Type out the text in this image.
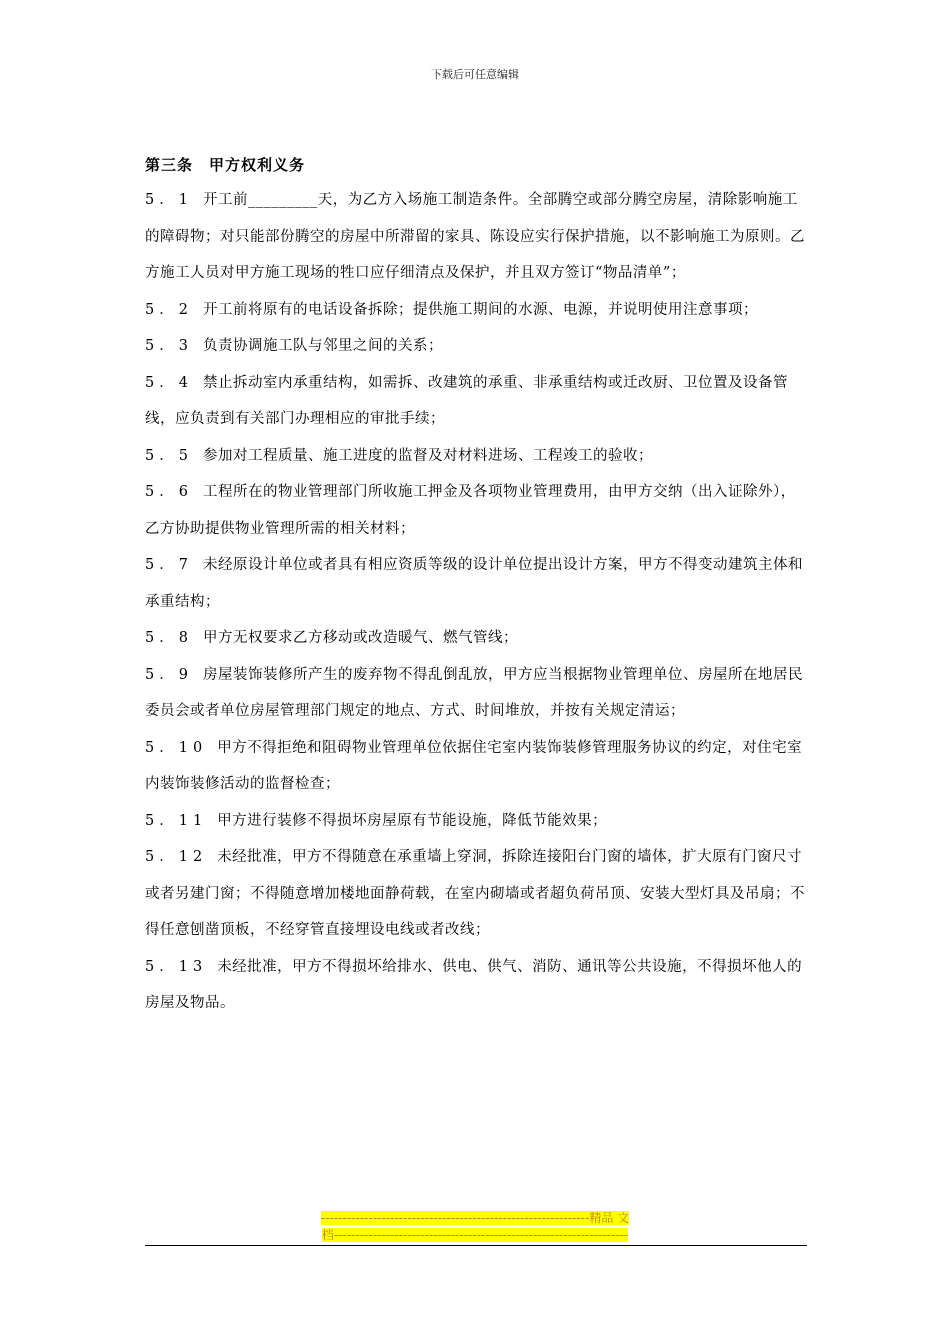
下载后可任意编辑
第三条　甲方权利义务

5．1 开工前_________天，为乙方入场施工制造条件。全部腾空或部分腾空房屋，清除影响施工的障碍物；对只能部份腾空的房屋中所滞留的家具、陈设应实行保护措施，以不影响施工为原则。乙方施工人员对甲方施工现场的牲口应仔细清点及保护，并且双方签订“物品清单”；

5．2 开工前将原有的电话设备拆除；提供施工期间的水源、电源，并说明使用注意事项；

5．3 负责协调施工队与邻里之间的关系；

5．4 禁止拆动室内承重结构，如需拆、改建筑的承重、非承重结构或迁改厨、卫位置及设备管线，应负责到有关部门办理相应的审批手续；

5．5 参加对工程质量、施工进度的监督及对材料进场、工程竣工的验收；

5．6 工程所在的物业管理部门所收施工押金及各项物业管理费用，由甲方交纳（出入证除外），乙方协助提供物业管理所需的相关材料；

5．7 未经原设计单位或者具有相应资质等级的设计单位提出设计方案，甲方不得变动建筑主体和承重结构；

5．8 甲方无权要求乙方移动或改造暖气、燃气管线；

5．9 房屋装饰装修所产生的废弃物不得乱倒乱放，甲方应当根据物业管理单位、房屋所在地居民委员会或者单位房屋管理部门规定的地点、方式、时间堆放，并按有关规定清运；

5．10 甲方不得拒绝和阻碍物业管理单位依据住宅室内装饰装修管理服务协议的约定，对住宅室内装饰装修活动的监督检查；

5．11 甲方进行装修不得损坏房屋原有节能设施，降低节能效果；

5．12 未经批准，甲方不得随意在承重墙上穿洞，拆除连接阳台门窗的墙体，扩大原有门窗尺寸或者另建门窗；不得随意增加楼地面静荷载，在室内砌墙或者超负荷吊顶、安装大型灯具及吊扇；不得任意刨凿顶板，不经穿管直接埋设电线或者改线；

5．13 未经批准，甲方不得损坏给排水、供电、供气、消防、通讯等公共设施，不得损坏他人的房屋及物品。

--------------------------------------------------------------精品 文
档--------------------------------------------------------------------
